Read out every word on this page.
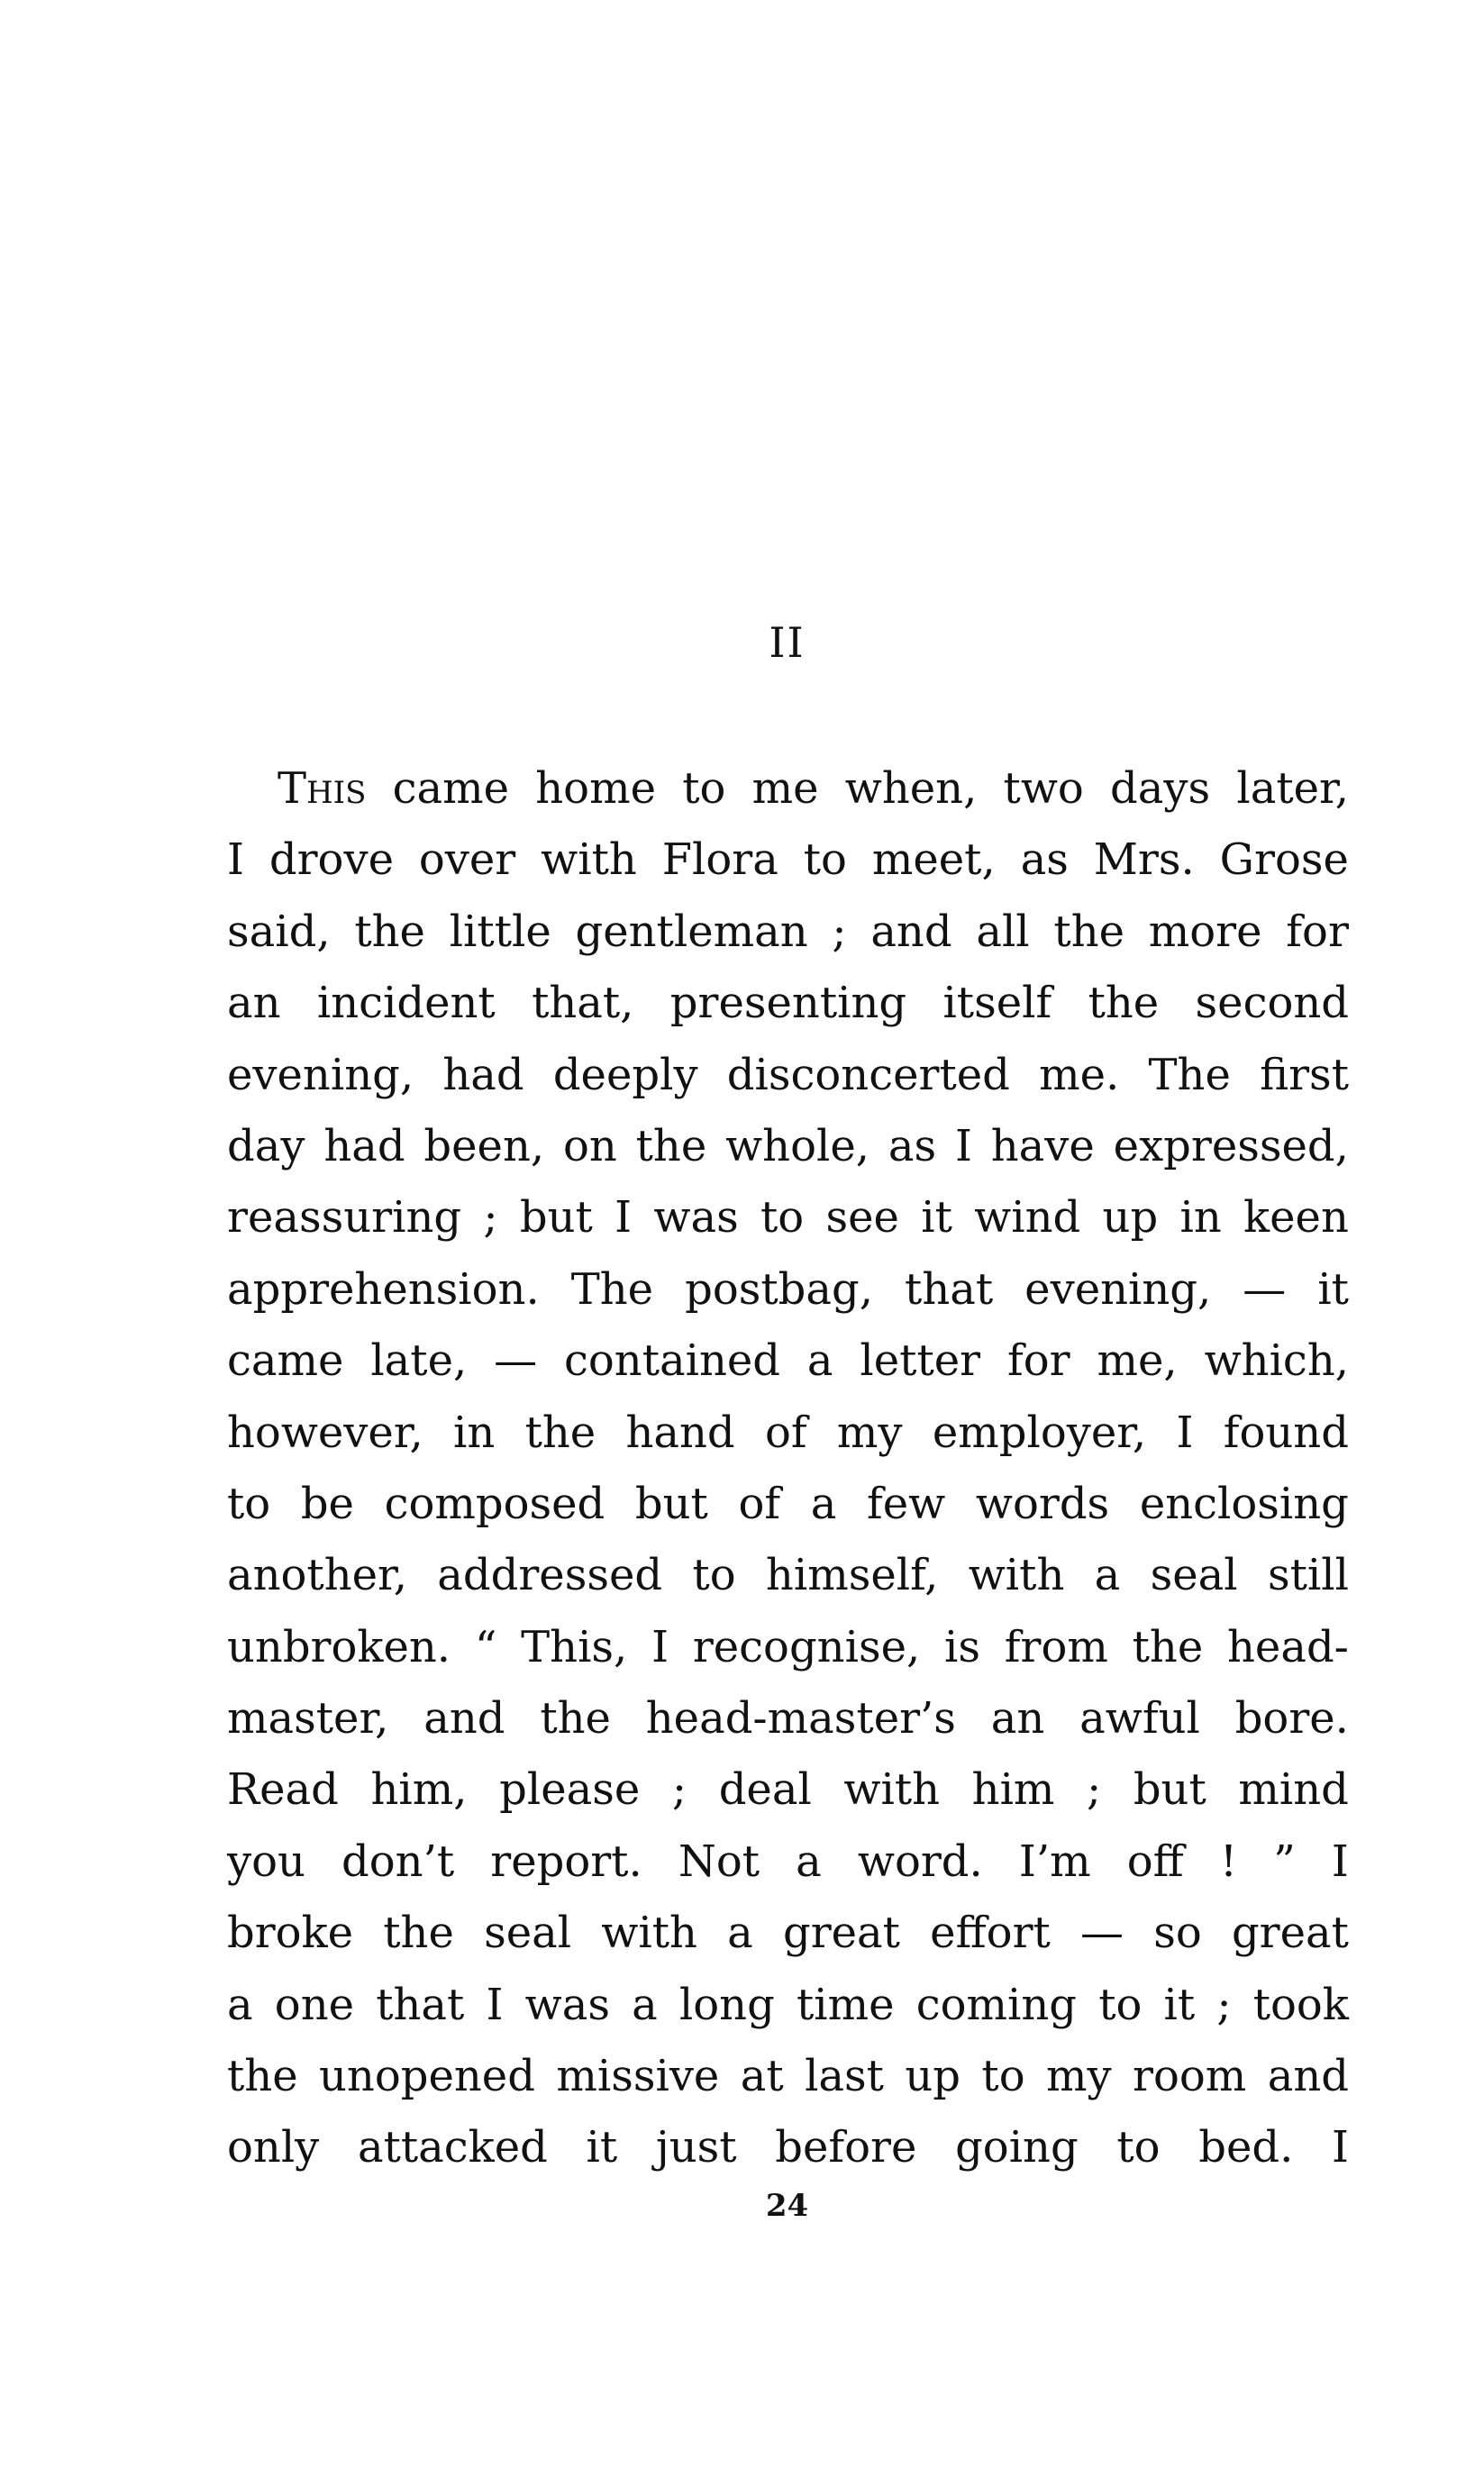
II
This came home to me when, two days later,
I drove over with Flora to meet, as Mrs. Grose
said, the little gentleman ; and all the more for
an incident that, presenting itself the second
evening, had deeply disconcerted me. The first
day had been, on the whole, as I have expressed,
reassuring ; but I was to see it wind up in keen
apprehension. The postbag, that evening, — it
came late, — contained a letter for me, which,
however, in the hand of my employer, I found
to be composed but of a few words enclosing
another, addressed to himself, with a seal still
unbroken. “ This, I recognise, is from the head-
master, and the head-master’s an awful bore.
Read him, please ; deal with him ; but mind
you don’t report. Not a word. I’m off ! ” I
broke the seal with a great effort — so great
a one that I was a long time coming to it ; took
the unopened missive at last up to my room and
only attacked it just before going to bed. I
24
